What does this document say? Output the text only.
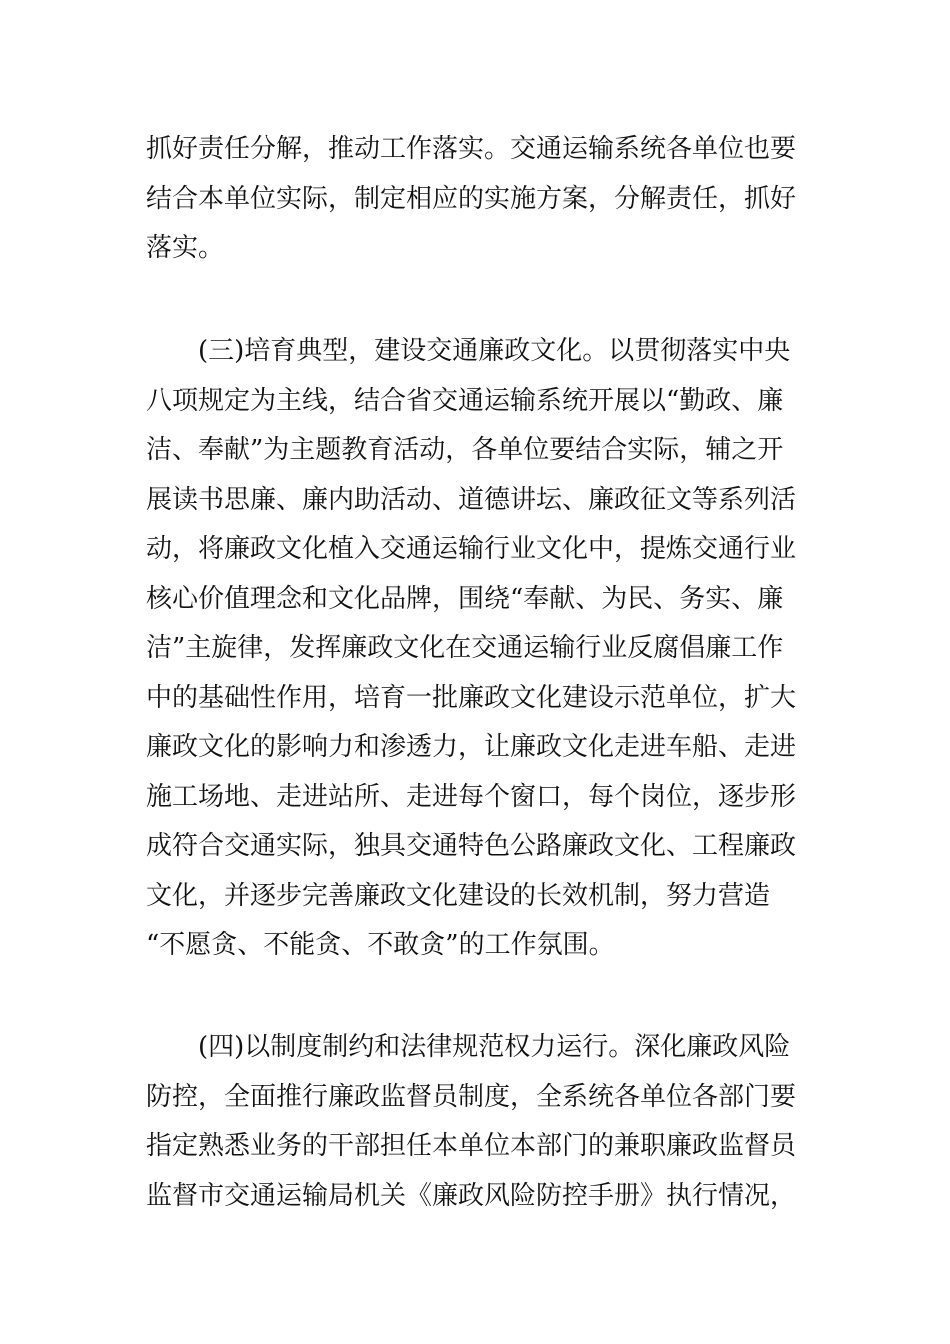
抓好责任分解，推动工作落实。交通运输系统各单位也要
结合本单位实际，制定相应的实施方案，分解责任，抓好
落实。
　　(三)培育典型，建设交通廉政文化。以贯彻落实中央
八项规定为主线，结合省交通运输系统开展以“勤政、廉
洁、奉献”为主题教育活动，各单位要结合实际，辅之开
展读书思廉、廉内助活动、道德讲坛、廉政征文等系列活
动，将廉政文化植入交通运输行业文化中，提炼交通行业
核心价值理念和文化品牌，围绕“奉献、为民、务实、廉
洁”主旋律，发挥廉政文化在交通运输行业反腐倡廉工作
中的基础性作用，培育一批廉政文化建设示范单位，扩大
廉政文化的影响力和渗透力，让廉政文化走进车船、走进
施工场地、走进站所、走进每个窗口，每个岗位，逐步形
成符合交通实际，独具交通特色公路廉政文化、工程廉政
文化，并逐步完善廉政文化建设的长效机制，努力营造
“不愿贪、不能贪、不敢贪”的工作氛围。
　　(四)以制度制约和法律规范权力运行。深化廉政风险
防控，全面推行廉政监督员制度，全系统各单位各部门要
指定熟悉业务的干部担任本单位本部门的兼职廉政监督员
监督市交通运输局机关《廉政风险防控手册》执行情况，
